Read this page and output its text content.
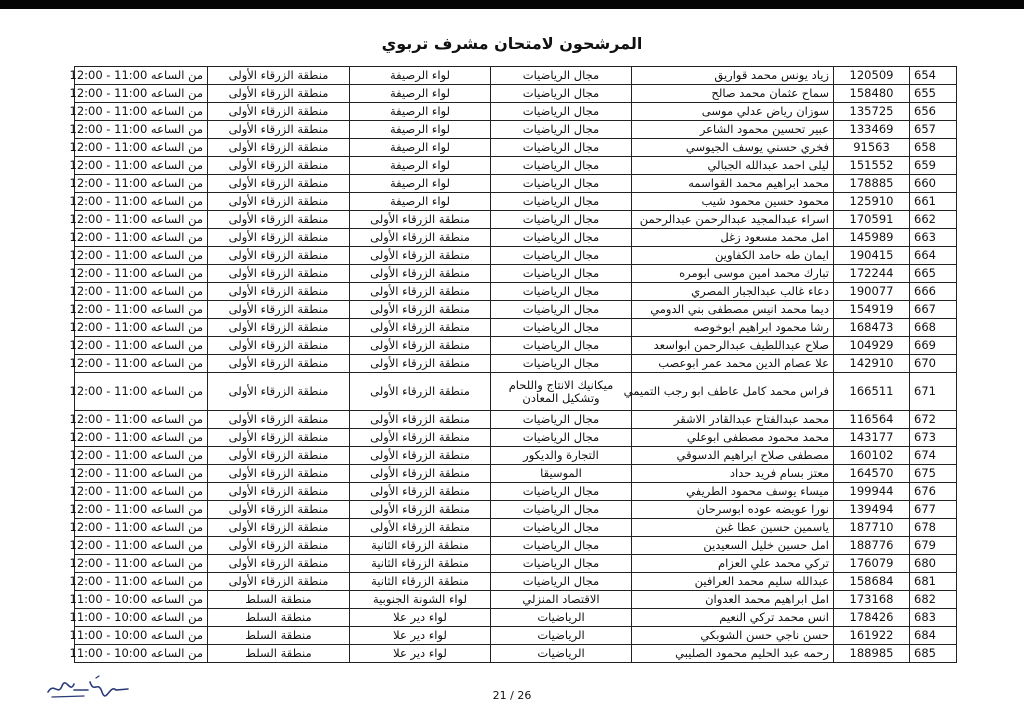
المرشحون لامتحان مشرف تربوي
654	120509	زياد يونس محمد قواريق	مجال الرياضيات	لواء الرصيفة	منطقة الزرقاء الأولى	من الساعه 11:00 - 12:00
655	158480	سماح عثمان محمد صالح	مجال الرياضيات	لواء الرصيفة	منطقة الزرقاء الأولى	من الساعه 11:00 - 12:00
656	135725	سوزان رياض عدلي موسى	مجال الرياضيات	لواء الرصيفة	منطقة الزرقاء الأولى	من الساعه 11:00 - 12:00
657	133469	عبير تحسين محمود الشاعر	مجال الرياضيات	لواء الرصيفة	منطقة الزرقاء الأولى	من الساعه 11:00 - 12:00
658	91563	فخري حسني يوسف الجيوسي	مجال الرياضيات	لواء الرصيفة	منطقة الزرقاء الأولى	من الساعه 11:00 - 12:00
659	151552	ليلى احمد عبدالله الجبالي	مجال الرياضيات	لواء الرصيفة	منطقة الزرقاء الأولى	من الساعه 11:00 - 12:00
660	178885	محمد ابراهيم محمد القواسمه	مجال الرياضيات	لواء الرصيفة	منطقة الزرقاء الأولى	من الساعه 11:00 - 12:00
661	125910	محمود حسين محمود شيب	مجال الرياضيات	لواء الرصيفة	منطقة الزرقاء الأولى	من الساعه 11:00 - 12:00
662	170591	اسراء عبدالمجيد عبدالرحمن عبدالرحمن	مجال الرياضيات	منطقة الزرقاء الأولى	منطقة الزرقاء الأولى	من الساعه 11:00 - 12:00
663	145989	امل محمد مسعود زغل	مجال الرياضيات	منطقة الزرقاء الأولى	منطقة الزرقاء الأولى	من الساعه 11:00 - 12:00
664	190415	ايمان طه حامد الكفاوين	مجال الرياضيات	منطقة الزرقاء الأولى	منطقة الزرقاء الأولى	من الساعه 11:00 - 12:00
665	172244	تبارك محمد امين موسى ابومره	مجال الرياضيات	منطقة الزرقاء الأولى	منطقة الزرقاء الأولى	من الساعه 11:00 - 12:00
666	190077	دعاء غالب عبدالجبار المصري	مجال الرياضيات	منطقة الزرقاء الأولى	منطقة الزرقاء الأولى	من الساعه 11:00 - 12:00
667	154919	ديما محمد انيس مصطفى بني الدومي	مجال الرياضيات	منطقة الزرقاء الأولى	منطقة الزرقاء الأولى	من الساعه 11:00 - 12:00
668	168473	رشا محمود ابراهيم ابوخوصه	مجال الرياضيات	منطقة الزرقاء الأولى	منطقة الزرقاء الأولى	من الساعه 11:00 - 12:00
669	104929	صلاح عبداللطيف عبدالرحمن ابواسعد	مجال الرياضيات	منطقة الزرقاء الأولى	منطقة الزرقاء الأولى	من الساعه 11:00 - 12:00
670	142910	علا عصام الدين محمد عمر ابوعصب	مجال الرياضيات	منطقة الزرقاء الأولى	منطقة الزرقاء الأولى	من الساعه 11:00 - 12:00
671	166511	فراس محمد كامل عاطف ابو رجب التميمي	ميكانيك الانتاج واللحام وتشكيل المعادن	منطقة الزرقاء الأولى	منطقة الزرقاء الأولى	من الساعه 11:00 - 12:00
672	116564	محمد عبدالفتاح عبدالقادر الاشقر	مجال الرياضيات	منطقة الزرقاء الأولى	منطقة الزرقاء الأولى	من الساعه 11:00 - 12:00
673	143177	محمد محمود مصطفى ابوعلي	مجال الرياضيات	منطقة الزرقاء الأولى	منطقة الزرقاء الأولى	من الساعه 11:00 - 12:00
674	160102	مصطفى صلاح ابراهيم الدسوقي	التجارة والديكور	منطقة الزرقاء الأولى	منطقة الزرقاء الأولى	من الساعه 11:00 - 12:00
675	164570	معتز بسام فريد حداد	الموسيقا	منطقة الزرقاء الأولى	منطقة الزرقاء الأولى	من الساعه 11:00 - 12:00
676	199944	ميساء يوسف محمود الطريفي	مجال الرياضيات	منطقة الزرقاء الأولى	منطقة الزرقاء الأولى	من الساعه 11:00 - 12:00
677	139494	نورا عويضه عوده ابوسرحان	مجال الرياضيات	منطقة الزرقاء الأولى	منطقة الزرقاء الأولى	من الساعه 11:00 - 12:00
678	187710	ياسمين حسين عطا غبن	مجال الرياضيات	منطقة الزرقاء الأولى	منطقة الزرقاء الأولى	من الساعه 11:00 - 12:00
679	188776	امل حسين خليل السعيدين	مجال الرياضيات	منطقة الزرقاء الثانية	منطقة الزرقاء الأولى	من الساعه 11:00 - 12:00
680	176079	تركي محمد علي العزام	مجال الرياضيات	منطقة الزرقاء الثانية	منطقة الزرقاء الأولى	من الساعه 11:00 - 12:00
681	158684	عبدالله سليم محمد العرافين	مجال الرياضيات	منطقة الزرقاء الثانية	منطقة الزرقاء الأولى	من الساعه 11:00 - 12:00
682	173168	امل ابراهيم محمد العدوان	الاقتصاد المنزلي	لواء الشونة الجنوبية	منطقة السلط	من الساعه 10:00 - 11:00
683	178426	انس محمد تركي النعيم	الرياضيات	لواء دير علا	منطقة السلط	من الساعه 10:00 - 11:00
684	161922	حسن ناجي حسن الشوبكي	الرياضيات	لواء دير علا	منطقة السلط	من الساعه 10:00 - 11:00
685	188985	رحمه عبد الحليم محمود الصليبي	الرياضيات	لواء دير علا	منطقة السلط	من الساعه 10:00 - 11:00
21 / 26
